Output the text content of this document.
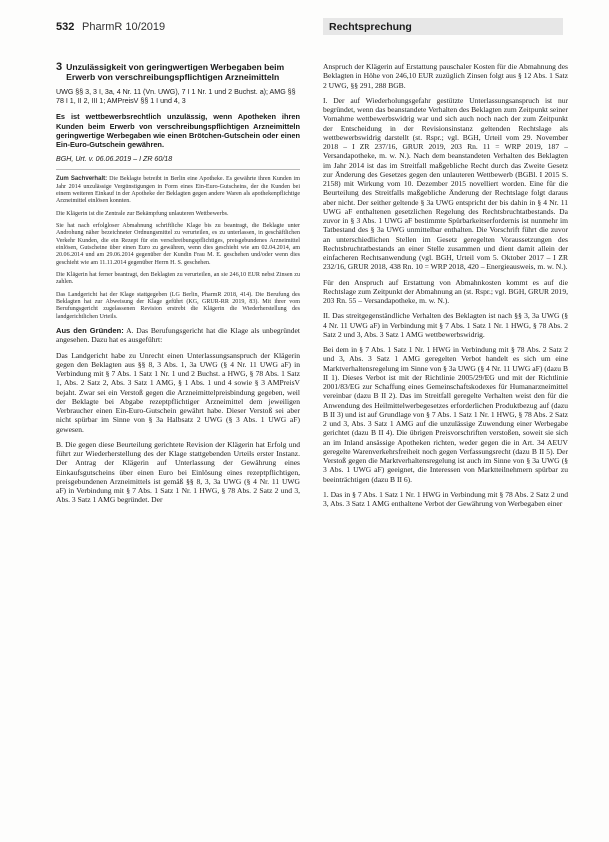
532 PharmR 10/2019	Rechtsprechung
3 Unzulässigkeit von geringwertigen Werbegaben beim Erwerb von verschreibungspflichtigen Arzneimitteln
UWG §§ 3, 3 I, 3a, 4 Nr. 11 (Vn. UWG), 7 I 1 Nr. 1 und 2 Buchst. a); AMG §§ 78 I 1, II 2, III 1; AMPreisV §§ 1 I und 4, 3
Es ist wettbewerbsrechtlich unzulässig, wenn Apotheken ihren Kunden beim Erwerb von verschreibungspflichtigen Arzneimitteln geringwertige Werbegaben wie einen Brötchen-Gutschein oder einen Ein-Euro-Gutschein gewähren.
BGH, Urt. v. 06.06.2019 – I ZR 60/18

Zum Sachverhalt: Die Beklagte betreibt in Berlin eine Apotheke. Es gewährte ihren Kunden im Jahr 2014 unzulässige Vergünstigungen in Form eines Ein-Euro-Gutscheins, der die Kunden bei einem weiteren Einkauf in der Apotheke der Beklagten gegen andere Waren als apothekenpflichtige Arzneimittel einlösen konnten.

Die Klägerin ist die Zentrale zur Bekämpfung unlauteren Wettbewerbs.

Sie hat nach erfolgloser Abmahnung schriftliche Klage bis zu beantragt, die Beklagte unter Androhung näher bezeichneter Ordnungsmittel zu verurteilen, es zu unterlassen, in geschäftlichen Verkehr Kunden, die ein Rezept für ein verschreibungspflichtiges, preisgebundenes Arzneimittel einlösen, Gutscheine über einen Euro zu gewähren, wenn dies geschieht wie am 02.04.2014, am 20.06.2014 und am 29.06.2014 gegenüber der Kundin Frau M. E. geschehen und/oder wenn dies geschieht wie am 11.11.2014 gegenüber Herrn H. S. geschehen.

Die Klägerin hat ferner beantragt, den Beklagten zu verurteilen, an sie 246,10 EUR nebst Zinsen zu zahlen.

Das Landgericht hat der Klage stattgegeben (LG Berlin, PharmR 2018, 414). Die Berufung des Beklagten hat zur Abweisung der Klage geführt (KG, GRUR-RR 2019, 83). Mit ihrer vom Berufungsgericht zugelassenen Revision erstrebt die Klägerin die Wiederherstellung des landgerichtlichen Urteils.

Aus den Gründen: A. Das Berufungsgericht hat die Klage als unbegründet angesehen. Dazu hat es ausgeführt:

Das Landgericht habe zu Unrecht einen Unterlassungsanspruch der Klägerin gegen den Beklagten aus §§ 8, 3 Abs. 1, 3a UWG (§ 4 Nr. 11 UWG aF) in Verbindung mit § 7 Abs. 1 Satz 1 Nr. 1 und 2 Buchst. a HWG, § 78 Abs. 1 Satz 1, Abs. 2 Satz 2, Abs. 3 Satz 1 AMG, § 1 Abs. 1 und 4 sowie § 3 AMPreisV bejaht. Zwar sei ein Verstoß gegen die Arzneimittelpreisbindung gegeben, weil der Beklagte bei Abgabe rezeptpflichtiger Arzneimittel dem jeweiligen Verbraucher einen Ein-Euro-Gutschein gewährt habe. Dieser Verstoß sei aber nicht spürbar im Sinne von § 3a Halbsatz 2 UWG (§ 3 Abs. 1 UWG aF) gewesen.

B. Die gegen diese Beurteilung gerichtete Revision der Klägerin hat Erfolg und führt zur Wiederherstellung des der Klage stattgebenden Urteils erster Instanz. Der Antrag der Klägerin auf Unterlassung der Gewährung eines Einkaufsgutscheins über einen Euro bei Einlösung eines rezeptpflichtigen, preisgebundenen Arzneimittels ist gemäß §§ 8, 3, 3a UWG (§ 4 Nr. 11 UWG aF) in Verbindung mit § 7 Abs. 1 Satz 1 Nr. 1 HWG, § 78 Abs. 2 Satz 2 und 3, Abs. 3 Satz 1 AMG begründet. Der

Anspruch der Klägerin auf Erstattung pauschaler Kosten für die Abmahnung des Beklagten in Höhe von 246,10 EUR zuzüglich Zinsen folgt aus § 12 Abs. 1 Satz 2 UWG, §§ 291, 288 BGB.

I. Der auf Wiederholungsgefahr gestützte Unterlassungsanspruch ist nur begründet, wenn das beanstandete Verhalten des Beklagten zum Zeitpunkt seiner Vornahme wettbewerbswidrig war und sich auch noch nach der zum Zeitpunkt der Entscheidung in der Revisionsinstanz geltenden Rechtslage als wettbewerbswidrig darstellt (st. Rspr.; vgl. BGH, Urteil vom 29. November 2018 – I ZR 237/16, GRUR 2019, 203 Rn. 11 = WRP 2019, 187 – Versandapotheke, m. w. N.). Nach dem beanstandeten Verhalten des Beklagten im Jahr 2014 ist das im Streitfall maßgebliche Recht durch das Zweite Gesetz zur Änderung des Gesetzes gegen den unlauteren Wettbewerb (BGBl. I 2015 S. 2158) mit Wirkung vom 10. Dezember 2015 novelliert worden. Eine für die Beurteilung des Streitfalls maßgebliche Änderung der Rechtslage folgt daraus aber nicht. Der seither geltende § 3a UWG entspricht der bis dahin in § 4 Nr. 11 UWG aF enthaltenen gesetzlichen Regelung des Rechtsbruchtatbestands. Da zuvor in § 3 Abs. 1 UWG aF bestimmte Spürbarkeitserfordernis ist nunmehr im Tatbestand des § 3a UWG unmittelbar enthalten. Die Vorschrift führt die zuvor an unterschiedlichen Stellen im Gesetz geregelten Voraussetzungen des Rechtsbruchtatbestands an einer Stelle zusammen und dient damit allein der einfacheren Rechtsanwendung (vgl. BGH, Urteil vom 5. Oktober 2017 – I ZR 232/16, GRUR 2018, 438 Rn. 10 = WRP 2018, 420 – Energieausweis, m. w. N.).

Für den Anspruch auf Erstattung von Abmahnkosten kommt es auf die Rechtslage zum Zeitpunkt der Abmahnung an (st. Rspr.; vgl. BGH, GRUR 2019, 203 Rn. 55 – Versandapotheke, m. w. N.).

II. Das streitgegenständliche Verhalten des Beklagten ist nach §§ 3, 3a UWG (§ 4 Nr. 11 UWG aF) in Verbindung mit § 7 Abs. 1 Satz 1 Nr. 1 HWG, § 78 Abs. 2 Satz 2 und 3, Abs. 3 Satz 1 AMG wettbewerbswidrig.

Bei dem in § 7 Abs. 1 Satz 1 Nr. 1 HWG in Verbindung mit § 78 Abs. 2 Satz 2 und 3, Abs. 3 Satz 1 AMG geregelten Verbot handelt es sich um eine Marktverhaltensregelung im Sinne von § 3a UWG (§ 4 Nr. 11 UWG aF) (dazu B II 1). Dieses Verbot ist mit der Richtlinie 2005/29/EG und mit der Richtlinie 2001/83/EG zur Schaffung eines Gemeinschaftskodexes für Humanarzneimittel vereinbar (dazu B II 2). Das im Streitfall geregelte Verhalten weist den für die Anwendung des Heilmittelwerbegesetzes erforderlichen Produktbezug auf (dazu B II 3) und ist auf Grundlage von § 7 Abs. 1 Satz 1 Nr. 1 HWG, § 78 Abs. 2 Satz 2 und 3, Abs. 3 Satz 1 AMG auf die unzulässige Zuwendung einer Werbegabe gerichtet (dazu B II 4). Die übrigen Preisvorschriften verstoßen, soweit sie sich an im Inland ansässige Apotheken richten, weder gegen die in Art. 34 AEUV geregelte Warenverkehrsfreiheit noch gegen Verfassungsrecht (dazu B II 5). Der Verstoß gegen die Marktverhaltensregelung ist auch im Sinne von § 3a UWG (§ 3 Abs. 1 UWG aF) geeignet, die Interessen von Marktteilnehmern spürbar zu beeinträchtigen (dazu B II 6).

1. Das in § 7 Abs. 1 Satz 1 Nr. 1 HWG in Verbindung mit § 78 Abs. 2 Satz 2 und 3, Abs. 3 Satz 1 AMG enthaltene Verbot der Gewährung von Werbegaben einer
